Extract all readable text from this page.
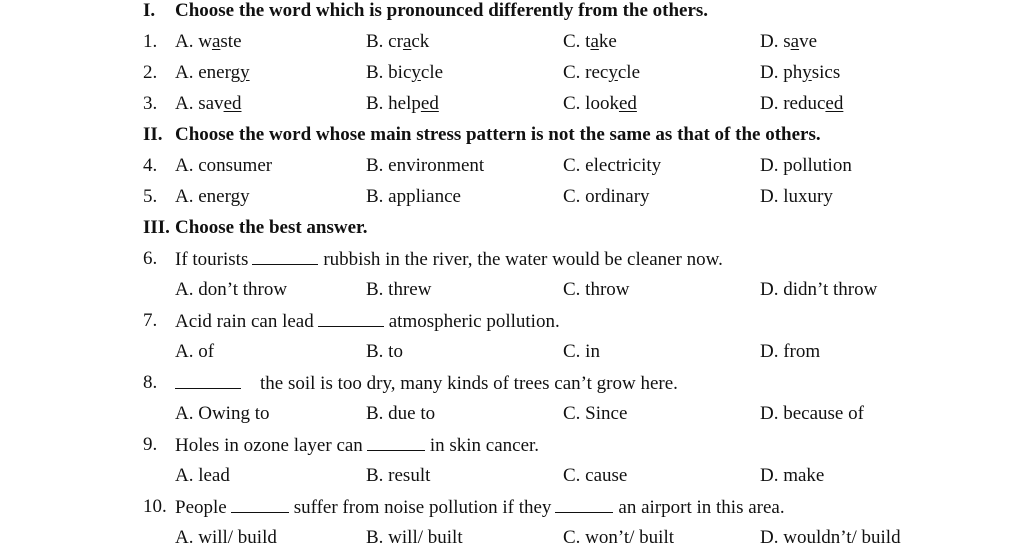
I. Choose the word which is pronounced differently from the others.
1. A. waste	B. crack	C. take	D. save
2. A. energy	B. bicycle	C. recycle	D. physics
3. A. saved	B. helped	C. looked	D. reduced
II. Choose the word whose main stress pattern is not the same as that of the others.
4. A. consumer	B. environment	C. electricity	D. pollution
5. A. energy	B. appliance	C. ordinary	D. luxury
III. Choose the best answer.
6. If tourists	rubbish in the river, the water would be cleaner now.
A. don’t throw	B. threw	C. throw	D. didn’t throw
7. Acid rain can lead	atmospheric pollution.
A. of	B. to	C. in	D. from
8.	the soil is too dry, many kinds of trees can’t grow here.
A. Owing to	B. due to	C. Since	D. because of
9. Holes in ozone layer can	in skin cancer.
A. lead	B. result	C. cause	D. make
10. People	suffer from noise pollution if they	an airport in this area.
A. will/ build	B. will/ built	C. won’t/ built	D. wouldn’t/ build
